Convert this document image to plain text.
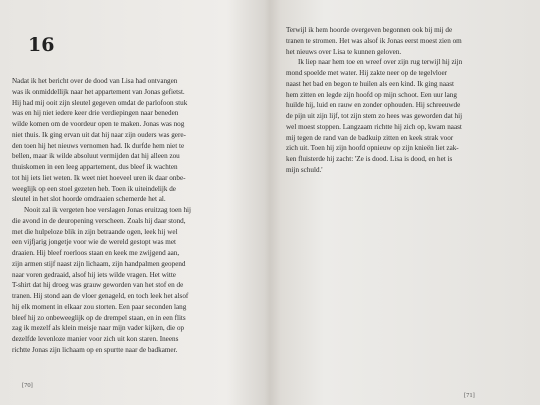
16

Nadat ik het bericht over de dood van Lisa had ontvangen
was ik onmiddellijk naar het appartement van Jonas gefietst.
Hij had mij ooit zijn sleutel gegeven omdat de parlofoon stuk
was en hij niet iedere keer drie verdiepingen naar beneden
wilde komen om de voordeur open te maken. Jonas was nog
niet thuis. Ik ging ervan uit dat hij naar zijn ouders was gere-
den toen hij het nieuws vernomen had. Ik durfde hem niet te
bellen, maar ik wilde absoluut vermijden dat hij alleen zou
thuiskomen in een leeg appartement, dus bleef ik wachten
tot hij iets liet weten. Ik weet niet hoeveel uren ik daar onbe-
weeglijk op een stoel gezeten heb. Toen ik uiteindelijk de
sleutel in het slot hoorde omdraaien schemerde het al.

Nooit zal ik vergeten hoe verslagen Jonas eruitzag toen hij
die avond in de deuropening verscheen. Zoals hij daar stond,
met die hulpeloze blik in zijn betraande ogen, leek hij wel
een vijfjarig jongetje voor wie de wereld gestopt was met
draaien. Hij bleef roerloos staan en keek me zwijgend aan,
zijn armen stijf naast zijn lichaam, zijn handpalmen geopend
naar voren gedraaid, alsof hij iets wilde vragen. Het witte
T-shirt dat hij droeg was grauw geworden van het stof en de
tranen. Hij stond aan de vloer genageld, en toch leek het alsof
hij elk moment in elkaar zou storten. Een paar seconden lang
bleef hij zo onbeweeglijk op de drempel staan, en in een flits
zag ik mezelf als klein meisje naar mijn vader kijken, die op
dezelfde levenloze manier voor zich uit kon staren. Ineens
richtte Jonas zijn lichaam op en spurtte naar de badkamer.

[70]

Terwijl ik hem hoorde overgeven begonnen ook bij mij de
tranen te stromen. Het was alsof ik Jonas eerst moest zien om
het nieuws over Lisa te kunnen geloven.

Ik liep naar hem toe en wreef over zijn rug terwijl hij zijn
mond spoelde met water. Hij zakte neer op de tegelvloer
naast het bad en begon te huilen als een kind. Ik ging naast
hem zitten en legde zijn hoofd op mijn schoot. Een uur lang
huilde hij, luid en rauw en zonder ophouden. Hij schreeuwde
de pijn uit zijn lijf, tot zijn stem zo hees was geworden dat hij
wel moest stoppen. Langzaam richtte hij zich op, kwam naast
mij tegen de rand van de badkuip zitten en keek strak voor
zich uit. Toen hij zijn hoofd opnieuw op zijn knieën liet zak-
ken fluisterde hij zacht: 'Ze is dood. Lisa is dood, en het is
mijn schuld.'

[71]
